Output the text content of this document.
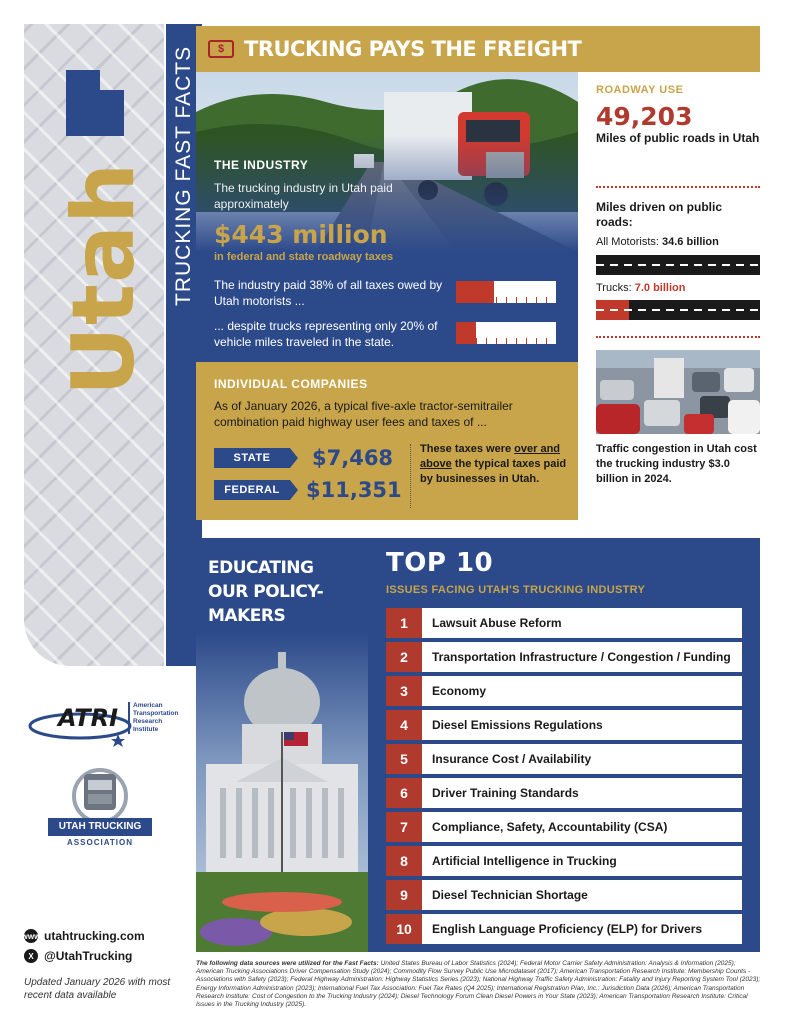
Utah TRUCKING FAST FACTS
ATRI American
Transportation
Research
Institute
UTAH TRUCKING
ASSOCIATION
www utahtrucking.com
X @UtahTrucking
Updated January 2026 with most recent data available
$ TRUCKING PAYS THE FREIGHT
THE INDUSTRY
The trucking industry in Utah paid approximately
$443 million
in federal and state roadway taxes
The industry paid 38% of all taxes owed by Utah motorists ...
... despite trucks representing only 20% of vehicle miles traveled in the state.
INDIVIDUAL COMPANIES
As of January 2026, a typical five-axle tractor-semitrailer combination paid highway user fees and taxes of ...
STATE	$7,468
FEDERAL	$11,351
These taxes were over and above the typical taxes paid by businesses in Utah.
ROADWAY USE
49,203
Miles of public roads in Utah
Miles driven on public roads:
All Motorists: 34.6 billion
Trucks: 7.0 billion
Traffic congestion in Utah cost the trucking industry $3.0 billion in 2024.
EDUCATING
OUR POLICY-
MAKERS
TOP 10
ISSUES FACING UTAH'S TRUCKING INDUSTRY
1	Lawsuit Abuse Reform
2	Transportation Infrastructure / Congestion / Funding
3	Economy
4	Diesel Emissions Regulations
5	Insurance Cost / Availability
6	Driver Training Standards
7	Compliance, Safety, Accountability (CSA)
8	Artificial Intelligence in Trucking
9	Diesel Technician Shortage
10	English Language Proficiency (ELP) for Drivers
The following data sources were utilized for the Fast Facts: United States Bureau of Labor Statistics (2024); Federal Motor Carrier Safety Administration: Analysis & Information (2025); American Trucking Associations Driver Compensation Study (2024); Commodity Flow Survey Public Use Microdataset (2017); American Transportation Research Institute: Membership Counts - Associations with Safety (2023); Federal Highway Administration: Highway Statistics Series (2023); National Highway Traffic Safety Administration: Fatality and Injury Reporting System Tool (2023); Energy Information Administration (2023); International Fuel Tax Association: Fuel Tax Rates (Q4 2025); International Registration Plan, Inc.: Jurisdiction Data (2026); American Transportation Research Institute: Cost of Congestion to the Trucking Industry (2024); Diesel Technology Forum Clean Diesel Powers in Your State (2023); American Transportation Research Institute: Critical Issues in the Trucking Industry (2025).
